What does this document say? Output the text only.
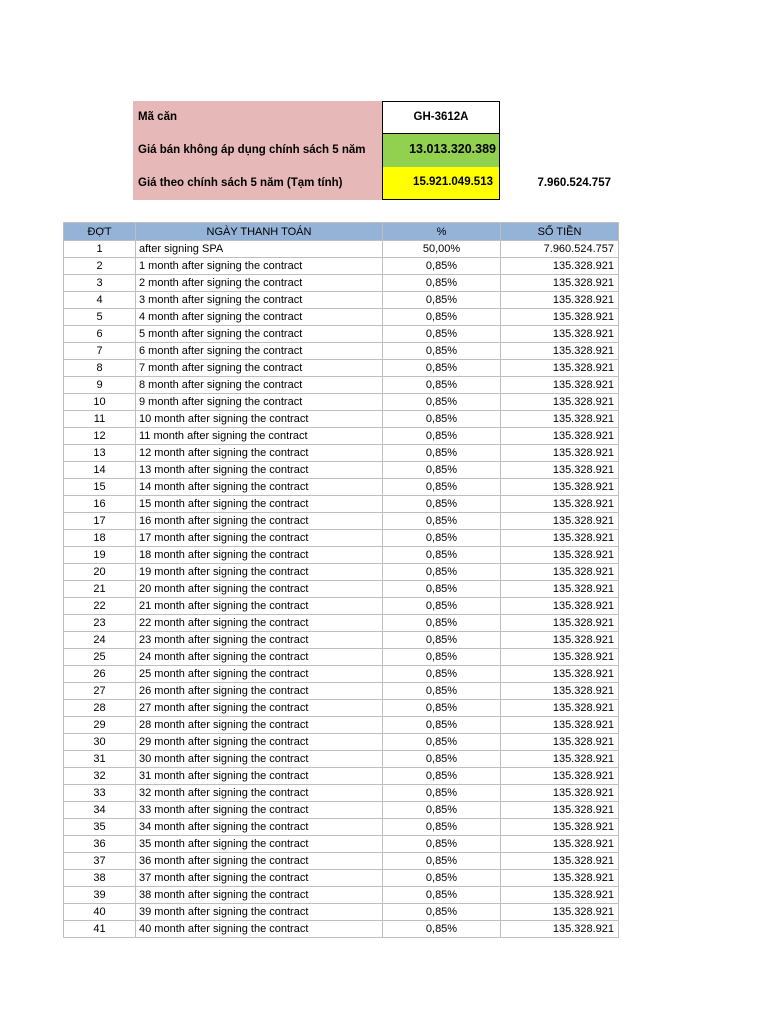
Mã căn	GH-3612A
Giá bán không áp dụng chính sách 5 năm	13.013.320.389
Giá theo chính sách 5 năm (Tạm tính)	15.921.049.513	7.960.524.757
ĐỢT	NGÀY THANH TOÁN	%	SỐ TIỀN
1	after signing SPA	50,00%	7.960.524.757
2	1 month after signing the contract	0,85%	135.328.921
3	2 month after signing the contract	0,85%	135.328.921
4	3 month after signing the contract	0,85%	135.328.921
5	4 month after signing the contract	0,85%	135.328.921
6	5 month after signing the contract	0,85%	135.328.921
7	6 month after signing the contract	0,85%	135.328.921
8	7 month after signing the contract	0,85%	135.328.921
9	8 month after signing the contract	0,85%	135.328.921
10	9 month after signing the contract	0,85%	135.328.921
11	10 month after signing the contract	0,85%	135.328.921
12	11 month after signing the contract	0,85%	135.328.921
13	12 month after signing the contract	0,85%	135.328.921
14	13 month after signing the contract	0,85%	135.328.921
15	14 month after signing the contract	0,85%	135.328.921
16	15 month after signing the contract	0,85%	135.328.921
17	16 month after signing the contract	0,85%	135.328.921
18	17 month after signing the contract	0,85%	135.328.921
19	18 month after signing the contract	0,85%	135.328.921
20	19 month after signing the contract	0,85%	135.328.921
21	20 month after signing the contract	0,85%	135.328.921
22	21 month after signing the contract	0,85%	135.328.921
23	22 month after signing the contract	0,85%	135.328.921
24	23 month after signing the contract	0,85%	135.328.921
25	24 month after signing the contract	0,85%	135.328.921
26	25 month after signing the contract	0,85%	135.328.921
27	26 month after signing the contract	0,85%	135.328.921
28	27 month after signing the contract	0,85%	135.328.921
29	28 month after signing the contract	0,85%	135.328.921
30	29 month after signing the contract	0,85%	135.328.921
31	30 month after signing the contract	0,85%	135.328.921
32	31 month after signing the contract	0,85%	135.328.921
33	32 month after signing the contract	0,85%	135.328.921
34	33 month after signing the contract	0,85%	135.328.921
35	34 month after signing the contract	0,85%	135.328.921
36	35 month after signing the contract	0,85%	135.328.921
37	36 month after signing the contract	0,85%	135.328.921
38	37 month after signing the contract	0,85%	135.328.921
39	38 month after signing the contract	0,85%	135.328.921
40	39 month after signing the contract	0,85%	135.328.921
41	40 month after signing the contract	0,85%	135.328.921
